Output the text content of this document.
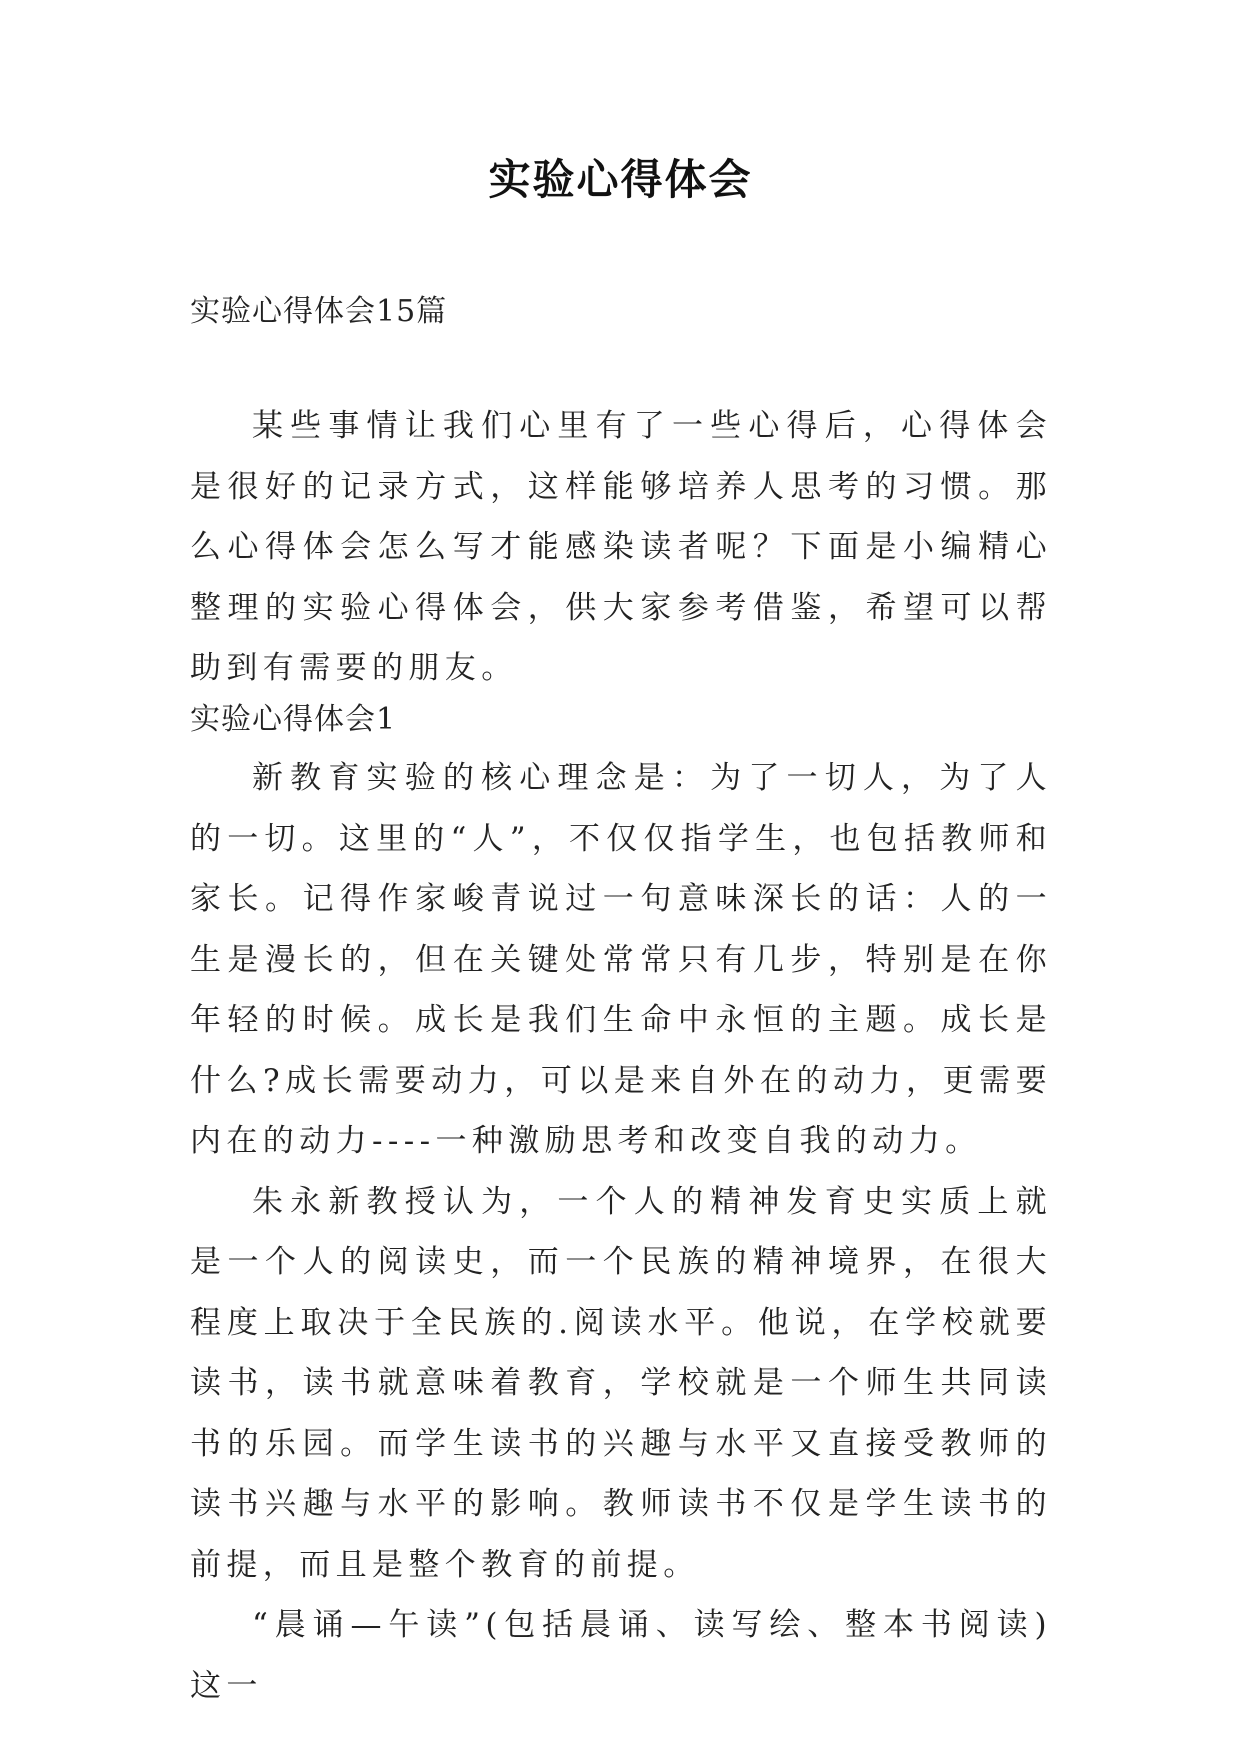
实验心得体会
实验心得体会15篇

某些事情让我们心里有了一些心得后，心得体会是很好的记录方式，这样能够培养人思考的习惯。那么心得体会怎么写才能感染读者呢？下面是小编精心整理的实验心得体会，供大家参考借鉴，希望可以帮助到有需要的朋友。

实验心得体会1

新教育实验的核心理念是：为了一切人，为了人的一切。这里的“人”，不仅仅指学生，也包括教师和家长。记得作家峻青说过一句意味深长的话：人的一生是漫长的，但在关键处常常只有几步，特别是在你年轻的时候。成长是我们生命中永恒的主题。成长是什么?成长需要动力，可以是来自外在的动力，更需要内在的动力----一种激励思考和改变自我的动力。

朱永新教授认为，一个人的精神发育史实质上就是一个人的阅读史，而一个民族的精神境界，在很大程度上取决于全民族的.阅读水平。他说，在学校就要读书，读书就意味着教育，学校就是一个师生共同读书的乐园。而学生读书的兴趣与水平又直接受教师的读书兴趣与水平的影响。教师读书不仅是学生读书的前提，而且是整个教育的前提。

“晨诵—午读”(包括晨诵、读写绘、整本书阅读)这一
